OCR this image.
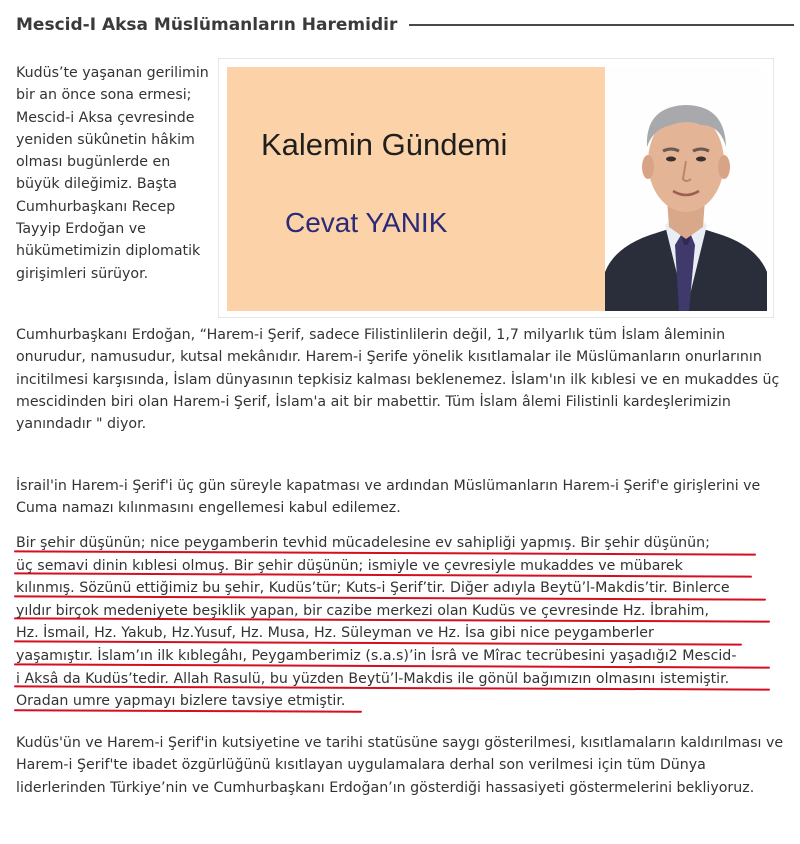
Mescid-I Aksa Müslümanların Haremidir
Kalemin Gündemi
Cevat YANIK

Kudüs’te yaşanan gerilimin bir an önce sona ermesi; Mescid-i Aksa çevresinde yeniden sükûnetin hâkim olması bugünlerde en büyük dileğimiz. Başta Cumhurbaşkanı Recep Tayyip Erdoğan ve hükümetimizin diplomatik girişimleri sürüyor.

Cumhurbaşkanı Erdoğan, “Harem-i Şerif, sadece Filistinlilerin değil, 1,7 milyarlık tüm İslam âleminin onurudur, namusudur, kutsal mekânıdır. Harem-i Şerife yönelik kısıtlamalar ile Müslümanların onurlarının incitilmesi karşısında, İslam dünyasının tepkisiz kalması beklenemez. İslam'ın ilk kıblesi ve en mukaddes üç mescidinden biri olan Harem-i Şerif, İslam'a ait bir mabettir. Tüm İslam âlemi Filistinli kardeşlerimizin yanındadır " diyor.

İsrail'in Harem-i Şerif'i üç gün süreyle kapatması ve ardından Müslümanların Harem-i Şerif'e girişlerini ve Cuma namazı kılınmasını engellemesi kabul edilemez.

Bir şehir düşünün; nice peygamberin tevhid mücadelesine ev sahipliği yapmış. Bir şehir düşünün;
üç semavi dinin kıblesi olmuş. Bir şehir düşünün; ismiyle ve çevresiyle mukaddes ve mübarek
kılınmış. Sözünü ettiğimiz bu şehir, Kudüs’tür; Kuts-i Şerif’tir. Diğer adıyla Beytü’l-Makdis’tir. Binlerce
yıldır birçok medeniyete beşiklik yapan, bir cazibe merkezi olan Kudüs ve çevresinde Hz. İbrahim,
Hz. İsmail, Hz. Yakub, Hz.Yusuf, Hz. Musa, Hz. Süleyman ve Hz. İsa gibi nice peygamberler
yaşamıştır. İslam’ın ilk kıblegâhı, Peygamberimiz (s.a.s)’in İsrâ ve Mîrac tecrübesini yaşadığı2 Mescid-
i Aksâ da Kudüs’tedir. Allah Rasulü, bu yüzden Beytü’l-Makdis ile gönül bağımızın olmasını istemiştir.
Oradan umre yapmayı bizlere tavsiye etmiştir.

Kudüs'ün ve Harem-i Şerif'in kutsiyetine ve tarihi statüsüne saygı gösterilmesi, kısıtlamaların kaldırılması ve Harem-i Şerif'te ibadet özgürlüğünü kısıtlayan uygulamalara derhal son verilmesi için tüm Dünya liderlerinden Türkiye’nin ve Cumhurbaşkanı Erdoğan’ın gösterdiği hassasiyeti göstermelerini bekliyoruz.
